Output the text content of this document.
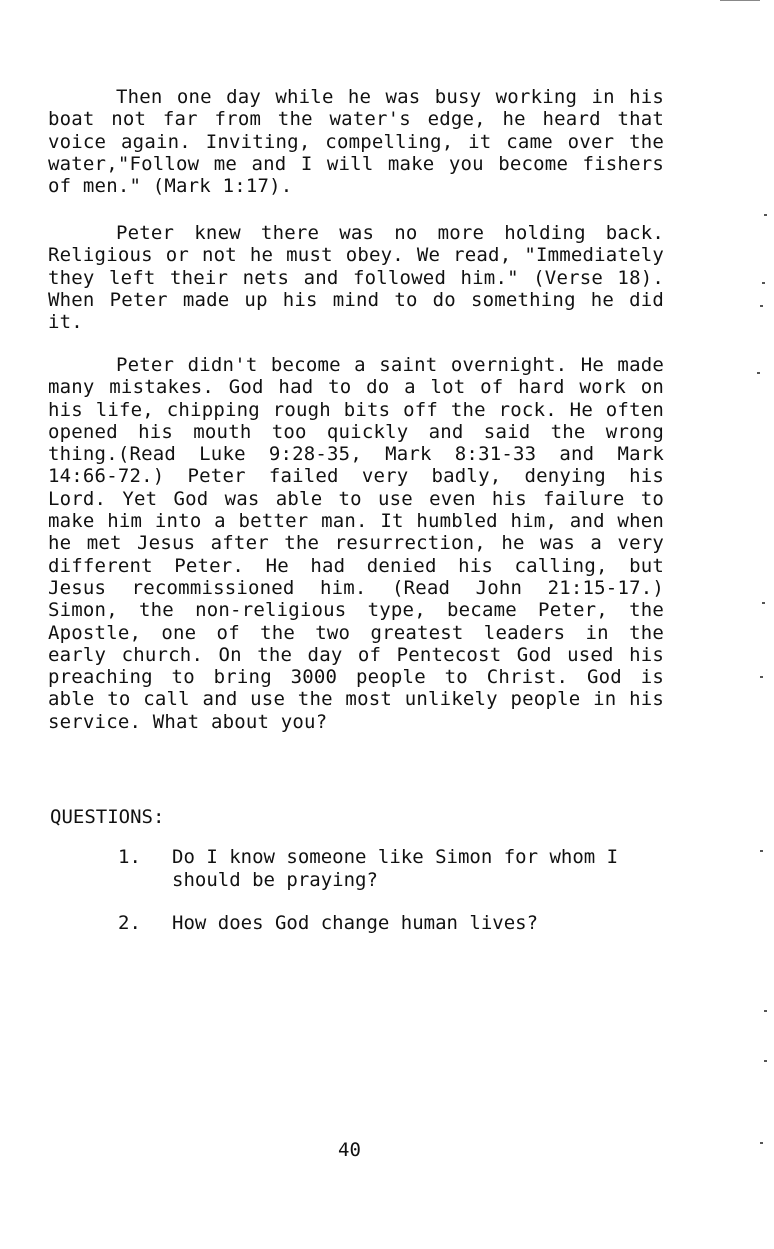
Then one day while he was busy working in his boat not far from the water's edge, he heard that voice again. Inviting, compelling, it came over the water,"Follow me and I will make you become fishers of men." (Mark 1:17).

Peter knew there was no more holding back. Religious or not he must obey. We read, "Immediately they left their nets and followed him." (Verse 18). When Peter made up his mind to do something he did it.

Peter didn't become a saint overnight. He made many mistakes. God had to do a lot of hard work on his life, chipping rough bits off the rock. He often opened his mouth too quickly and said the wrong thing.(Read Luke 9:28-35, Mark 8:31-33 and Mark 14:66-72.) Peter failed very badly, denying his Lord. Yet God was able to use even his failure to make him into a better man. It humbled him, and when he met Jesus after the resurrection, he was a very different Peter. He had denied his calling, but Jesus recommissioned him. (Read John 21:15-17.) Simon, the non-religious type, became Peter, the Apostle, one of the two greatest leaders in the early church. On the day of Pentecost God used his preaching to bring 3000 people to Christ. God is able to call and use the most unlikely people in his service. What about you?

QUESTIONS:

1. Do I know someone like Simon for whom I should be praying?
2. How does God change human lives?

40
